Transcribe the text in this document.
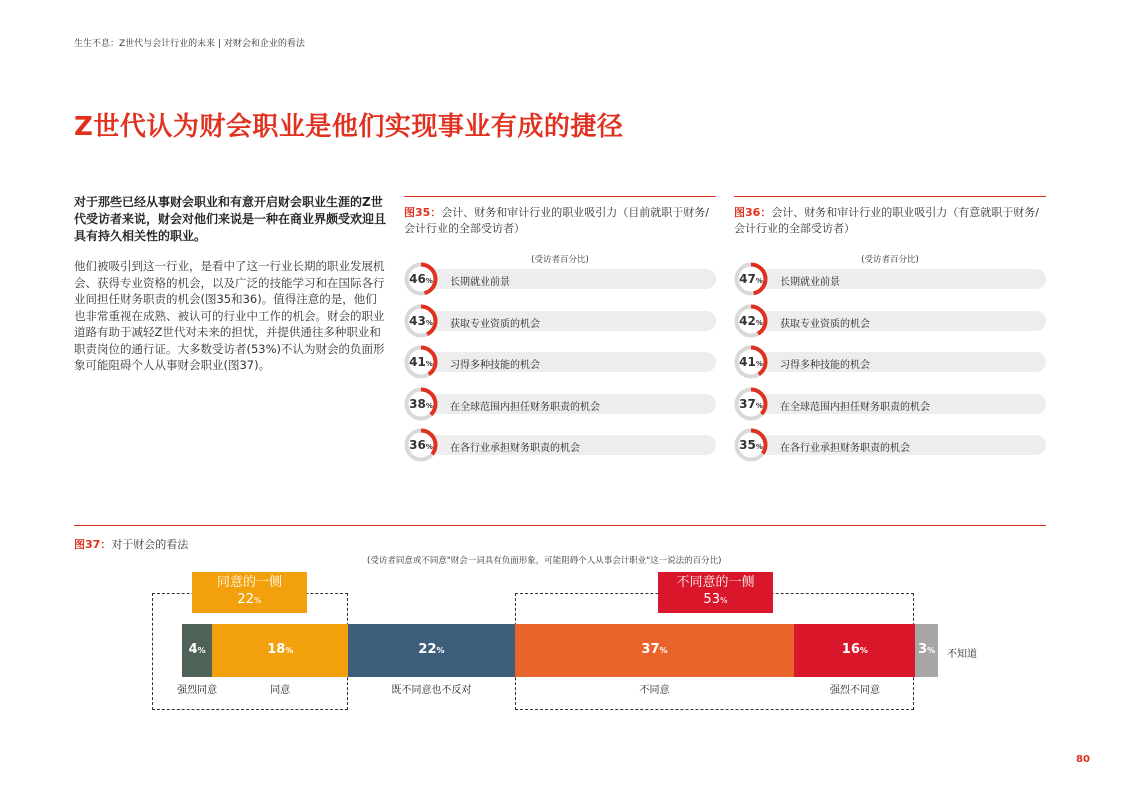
生生不息：Z世代与会计行业的未来 | 对财会和企业的看法
Z世代认为财会职业是他们实现事业有成的捷径
对于那些已经从事财会职业和有意开启财会职业生涯的Z世代受访者来说，财会对他们来说是一种在商业界颇受欢迎且具有持久相关性的职业。
他们被吸引到这一行业，是看中了这一行业长期的职业发展机会、获得专业资格的机会，以及广泛的技能学习和在国际各行业间担任财务职责的机会(图35和36)。值得注意的是，他们也非常重视在成熟、被认可的行业中工作的机会。财会的职业道路有助于减轻Z世代对未来的担忧，并提供通往多种职业和职责岗位的通行证。大多数受访者(53%)不认为财会的负面形象可能阻碍个人从事财会职业(图37)。
图35：会计、财务和审计行业的职业吸引力（目前就职于财务/会计行业的全部受访者）
(受访者百分比)
46%	长期就业前景
43%	获取专业资质的机会
41%	习得多种技能的机会
38%	在全球范围内担任财务职责的机会
36%	在各行业承担财务职责的机会
图36：会计、财务和审计行业的职业吸引力（有意就职于财务/会计行业的全部受访者）
(受访者百分比)
47%	长期就业前景
42%	获取专业资质的机会
41%	习得多种技能的机会
37%	在全球范围内担任财务职责的机会
35%	在各行业承担财务职责的机会
图37：对于财会的看法
(受访者同意或不同意"财会一词具有负面形象，可能阻碍个人从事会计职业"这一说法的百分比)
同意的一侧
22%
不同意的一侧
53%
4%
强烈同意
18%
同意
22%
既不同意也不反对
37%
不同意
16%
强烈不同意
3% 不知道
80
